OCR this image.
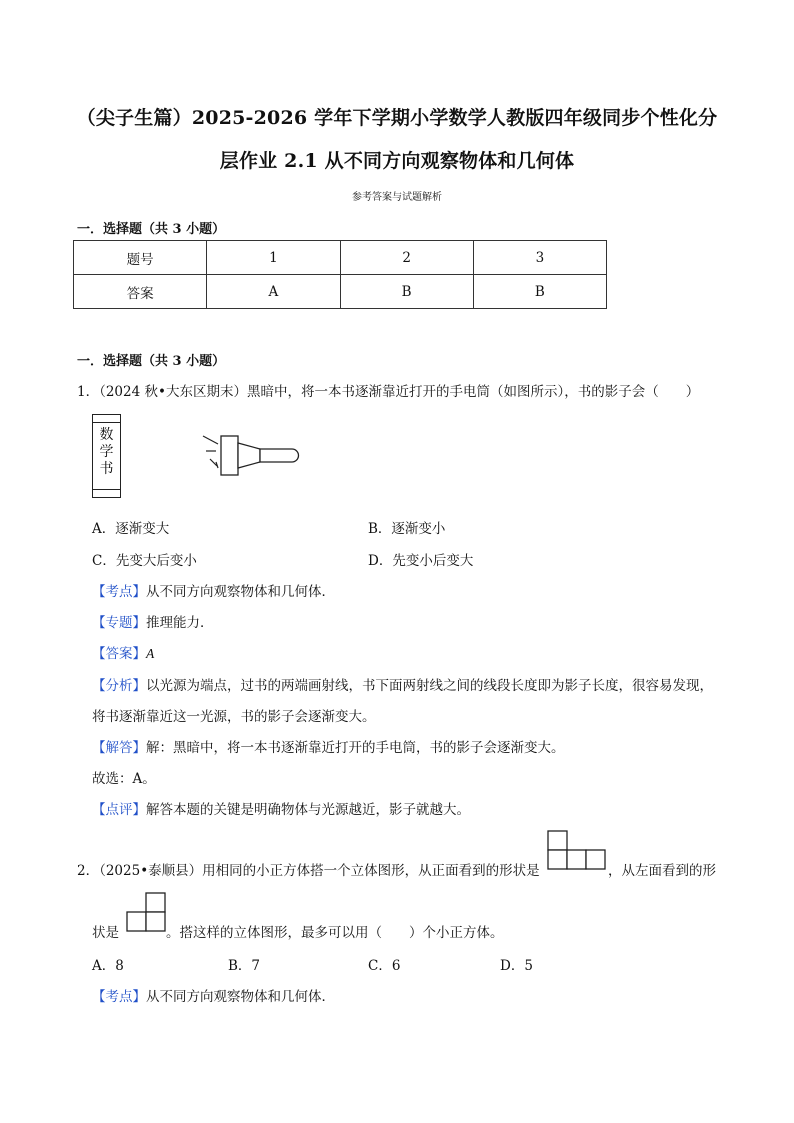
（尖子生篇）2025-2026 学年下学期小学数学人教版四年级同步个性化分
层作业 2.1 从不同方向观察物体和几何体
参考答案与试题解析
一．选择题（共 3 小题）
题号	1	2	3
答案	A	B	B
一．选择题（共 3 小题）
1．（2024 秋•大东区期末）黑暗中，将一本书逐渐靠近打开的手电筒（如图所示），书的影子会（　　）
数学书
A．逐渐变大	B．逐渐变小
C．先变大后变小	D．先变小后变大
【考点】从不同方向观察物体和几何体．
【专题】推理能力．
【答案】A
【分析】以光源为端点，过书的两端画射线，书下面两射线之间的线段长度即为影子长度，很容易发现，
将书逐渐靠近这一光源，书的影子会逐渐变大。
【解答】解：黑暗中，将一本书逐渐靠近打开的手电筒，书的影子会逐渐变大。
故选：A。
【点评】解答本题的关键是明确物体与光源越近，影子就越大。
2．（2025•泰顺县）用相同的小正方体搭一个立体图形，从正面看到的形状是	，从左面看到的形
状是	。搭这样的立体图形，最多可以用（　　）个小正方体。
A．8	B．7	C．6	D．5
【考点】从不同方向观察物体和几何体．
